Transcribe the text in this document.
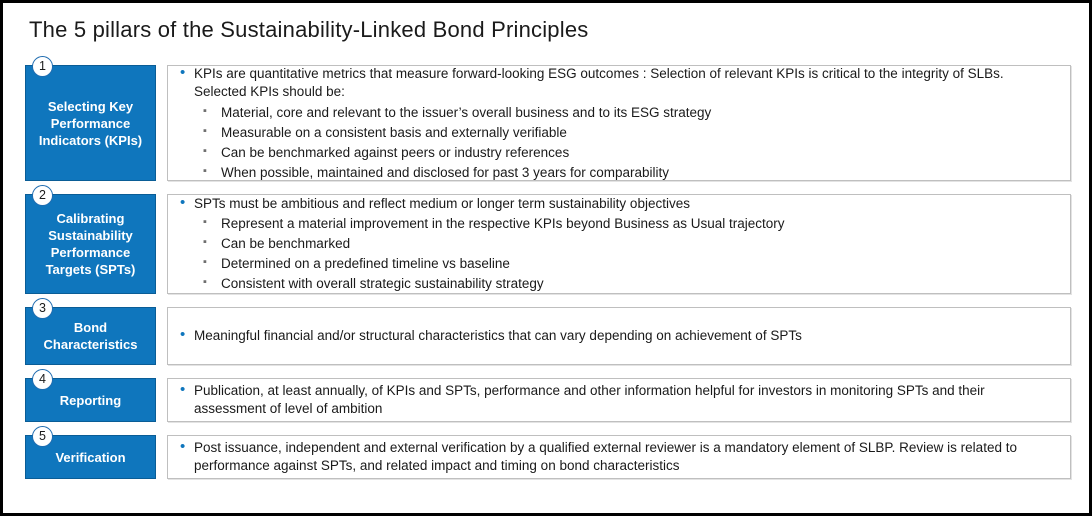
The 5 pillars of the Sustainability-Linked Bond Principles
1
Selecting Key Performance Indicators (KPIs)
• KPIs are quantitative metrics that measure forward-looking ESG outcomes : Selection of relevant KPIs is critical to the integrity of SLBs. Selected KPIs should be:
▪ Material, core and relevant to the issuer’s overall business and to its ESG strategy
▪ Measurable on a consistent basis and externally verifiable
▪ Can be benchmarked against peers or industry references
▪ When possible, maintained and disclosed for past 3 years for comparability
2
Calibrating Sustainability Performance Targets (SPTs)
• SPTs must be ambitious and reflect medium or longer term sustainability objectives
▪ Represent a material improvement in the respective KPIs beyond Business as Usual trajectory
▪ Can be benchmarked
▪ Determined on a predefined timeline vs baseline
▪ Consistent with overall strategic sustainability strategy
3
Bond Characteristics
• Meaningful financial and/or structural characteristics that can vary depending on achievement of SPTs
4
Reporting
• Publication, at least annually, of KPIs and SPTs, performance and other information helpful for investors in monitoring SPTs and their assessment of level of ambition
5
Verification
• Post issuance, independent and external verification by a qualified external reviewer is a mandatory element of SLBP. Review is related to performance against SPTs, and related impact and timing on bond characteristics
